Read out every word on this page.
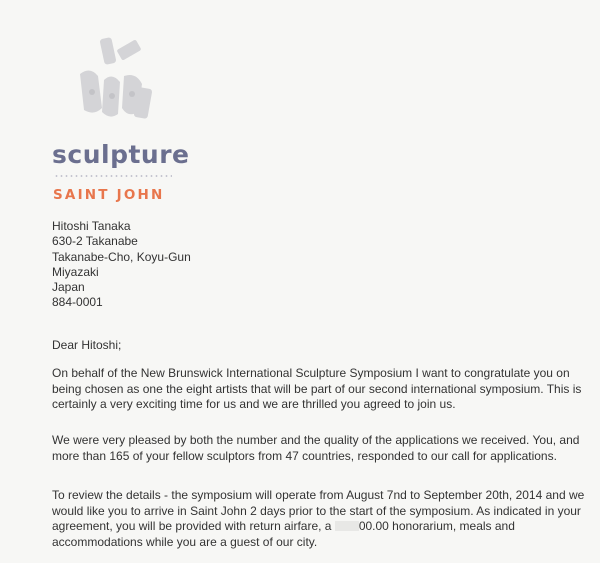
sculpture
SAINT JOHN
Hitoshi Tanaka
630-2 Takanabe
Takanabe-Cho, Koyu-Gun
Miyazaki
Japan
884-0001
Dear Hitoshi;

On behalf of the New Brunswick International Sculpture Symposium I want to congratulate you on being chosen as one the eight artists that will be part of our second international symposium. This is certainly a very exciting time for us and we are thrilled you agreed to join us.

We were very pleased by both the number and the quality of the applications we received. You, and more than 165 of your fellow sculptors from 47 countries, responded to our call for applications.

To review the details - the symposium will operate from August 7nd to September 20th, 2014 and we would like you to arrive in Saint John 2 days prior to the start of the symposium. As indicated in your agreement, you will be provided with return airfare, a 00.00 honorarium, meals and accommodations while you are a guest of our city.
